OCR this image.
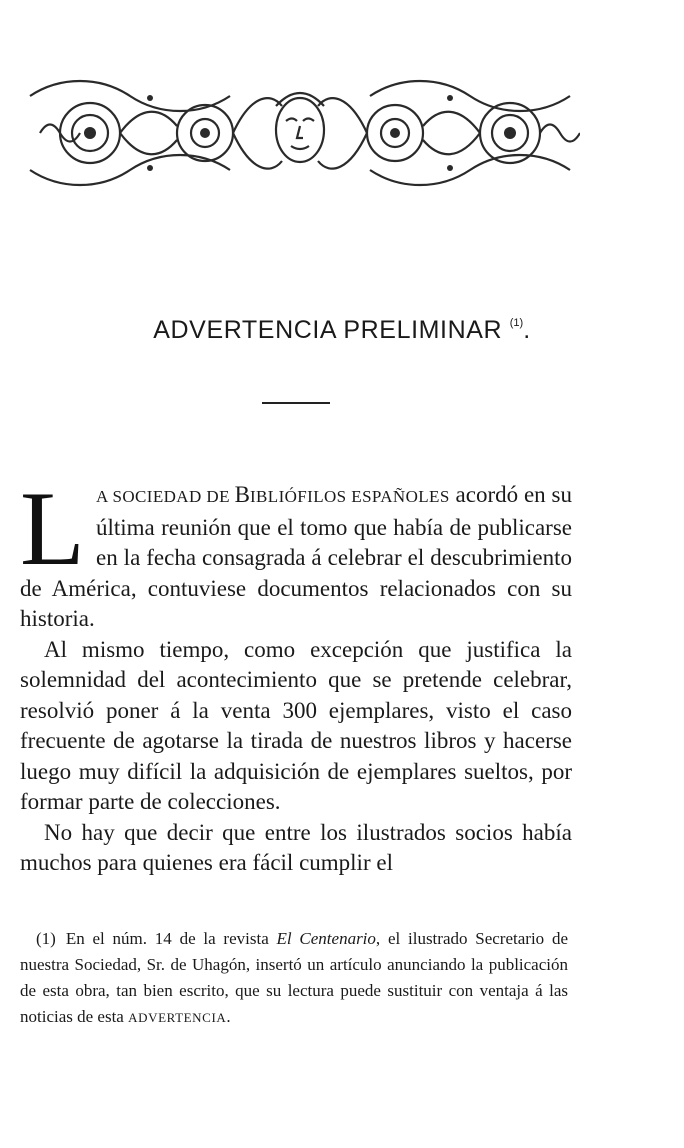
ADVERTENCIA PRELIMINAR $^{(1)}$.
L A SOCIEDAD DE BIBLIÓFILOS ESPAÑOLES acordó en su última reunión que el tomo que había de publicarse en la fecha consagrada á celebrar el descubrimiento de América, contuviese documentos relacionados con su historia.

Al mismo tiempo, como excepción que justifica la solemnidad del acontecimiento que se pretende celebrar, resolvió poner á la venta 300 ejemplares, visto el caso frecuente de agotarse la tirada de nuestros libros y hacerse luego muy difícil la adquisición de ejemplares sueltos, por formar parte de colecciones.

No hay que decir que entre los ilustrados socios había muchos para quienes era fácil cumplir el

(1) En el núm. 14 de la revista El Centenario, el ilustrado Secretario de nuestra Sociedad, Sr. de Uhagón, insertó un artículo anunciando la publicación de esta obra, tan bien escrito, que su lectura puede sustituir con ventaja á las noticias de esta ADVERTENCIA.
